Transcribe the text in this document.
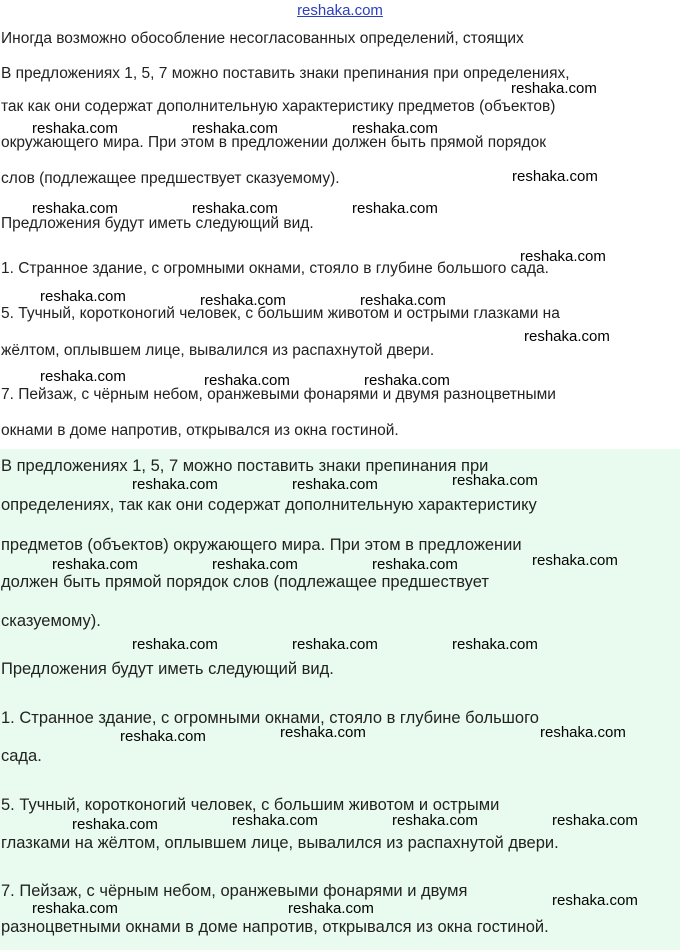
reshaka.com
Иногда возможно обособление несогласованных определений, стоящих
В предложениях 1, 5, 7 можно поставить знаки препинания при определениях,
так как они содержат дополнительную характеристику предметов (объектов)
окружающего мира. При этом в предложении должен быть прямой порядок
слов (подлежащее предшествует сказуемому).
Предложения будут иметь следующий вид.
1. Странное здание, с огромными окнами, стояло в глубине большого сада.
5. Тучный, коротконогий человек, с большим животом и острыми глазками на
жёлтом, оплывшем лице, вывалился из распахнутой двери.
7. Пейзаж, с чёрным небом, оранжевыми фонарями и двумя разноцветными
окнами в доме напротив, открывался из окна гостиной.
В предложениях 1, 5, 7 можно поставить знаки препинания при
определениях, так как они содержат дополнительную характеристику
предметов (объектов) окружающего мира. При этом в предложении
должен быть прямой порядок слов (подлежащее предшествует
сказуемому).
Предложения будут иметь следующий вид.
1. Странное здание, с огромными окнами, стояло в глубине большого
сада.
5. Тучный, коротконогий человек, с большим животом и острыми
глазками на жёлтом, оплывшем лице, вывалился из распахнутой двери.
7. Пейзаж, с чёрным небом, оранжевыми фонарями и двумя
разноцветными окнами в доме напротив, открывался из окна гостиной.
reshaka.com
reshaka.com	reshaka.com	reshaka.com
reshaka.com
reshaka.com	reshaka.com	reshaka.com
reshaka.com
reshaka.com	reshaka.com	reshaka.com
reshaka.com
reshaka.com	reshaka.com	reshaka.com
reshaka.com
reshaka.com	reshaka.com
reshaka.com
reshaka.com	reshaka.com	reshaka.com
reshaka.com	reshaka.com	reshaka.com
reshaka.com	reshaka.com
reshaka.com
reshaka.com	reshaka.com	reshaka.com
reshaka.com
reshaka.com
reshaka.com	reshaka.com
